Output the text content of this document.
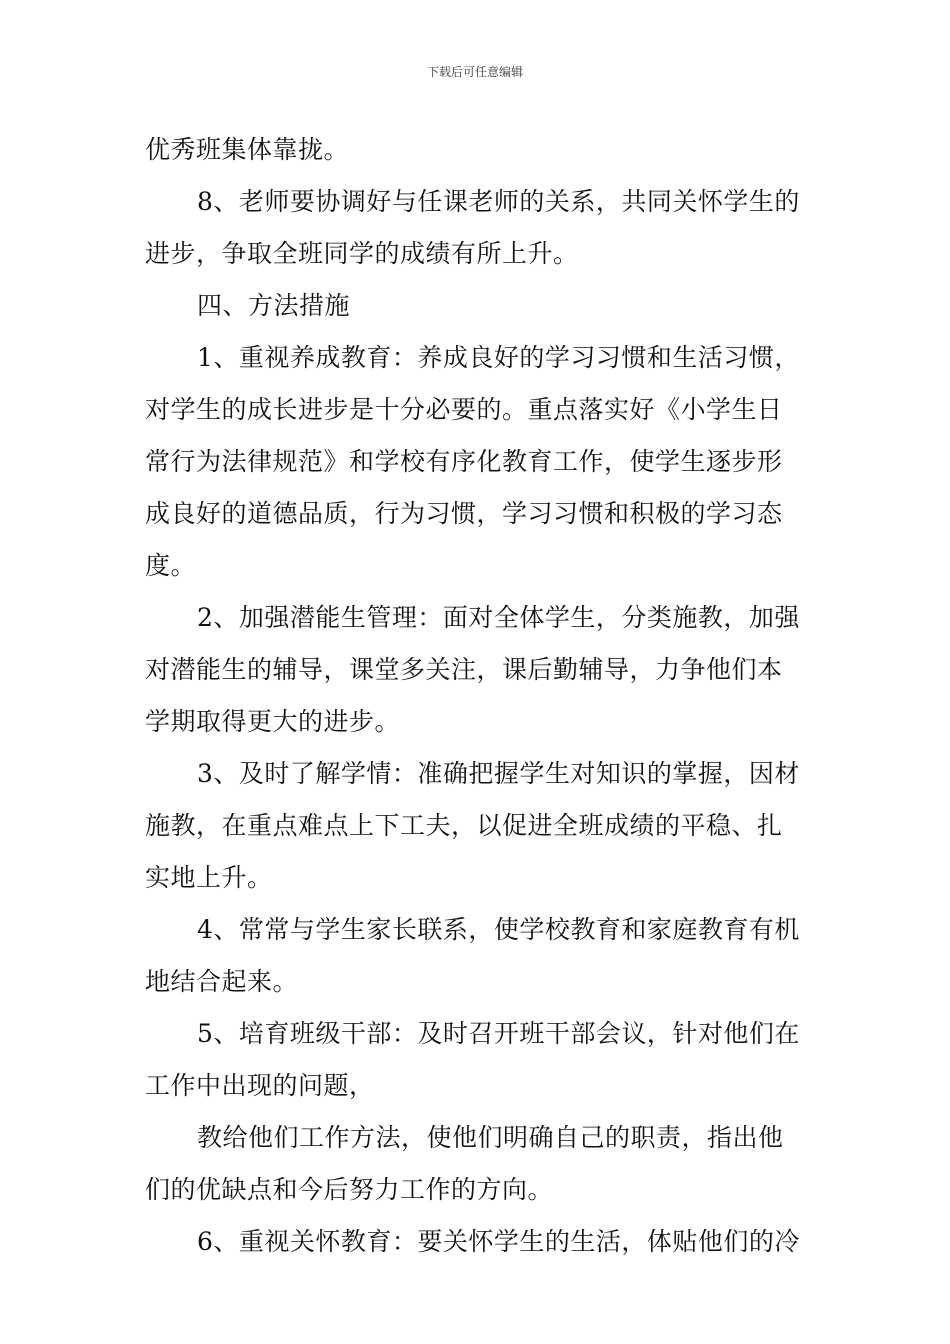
下载后可任意编辑
优秀班集体靠拢。
8、老师要协调好与任课老师的关系，共同关怀学生的
进步，争取全班同学的成绩有所上升。
四、方法措施
1、重视养成教育：养成良好的学习习惯和生活习惯，
对学生的成长进步是十分必要的。重点落实好《小学生日
常行为法律规范》和学校有序化教育工作，使学生逐步形
成良好的道德品质，行为习惯，学习习惯和积极的学习态
度。
2、加强潜能生管理：面对全体学生，分类施教，加强
对潜能生的辅导，课堂多关注，课后勤辅导，力争他们本
学期取得更大的进步。
3、及时了解学情：准确把握学生对知识的掌握，因材
施教，在重点难点上下工夫，以促进全班成绩的平稳、扎
实地上升。
4、常常与学生家长联系，使学校教育和家庭教育有机
地结合起来。
5、培育班级干部：及时召开班干部会议，针对他们在
工作中出现的问题，
教给他们工作方法，使他们明确自己的职责，指出他
们的优缺点和今后努力工作的方向。
6、重视关怀教育：要关怀学生的生活，体贴他们的冷
